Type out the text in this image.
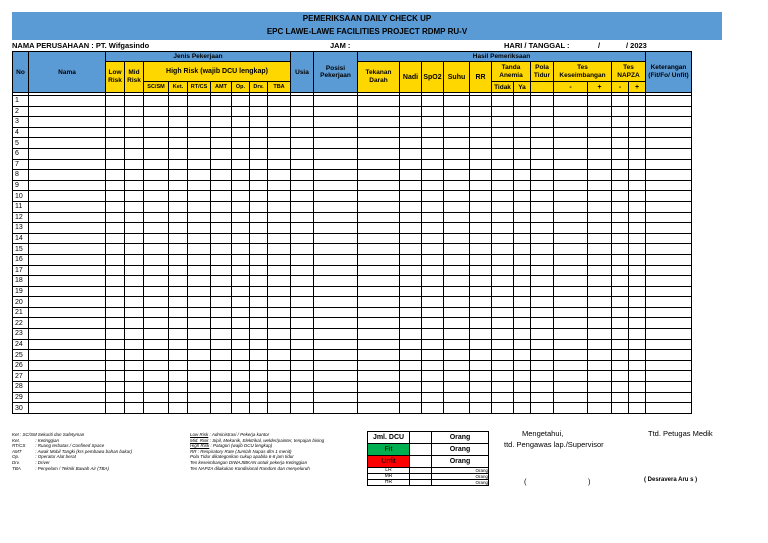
PEMERIKSAAN DAILY CHECK UP
EPC LAWE-LAWE FACILITIES PROJECT RDMP RU-V
NAMA PERUSAHAAN : PT. Wifgasindo	JAM :	HARI / TANGGAL :	/	/ 2023
No	Nama	Jenis Pekerjaan									Usia	Posisi Pekerjaan	Hasil Pemeriksaan												Keterangan (Fit/Fo/ Unfit)
		Low Risk	Mid Risk	High Risk (wajib DCU lengkap)									Tekanan Darah	Nadi	SpO2	Suhu	RR	Tanda Anemia		Pola Tidur	Tes Keseimbangan		Tes NAPZA		

				SC/SM	Ket.	RT/CS	AMT	Op.	Drv.	TBA								Tidak	Ya		-	+	-	+	

1																									
2																									
3																									
4																									
5																									
6																									
7																									
8																									
9																									
10																									
11																									
12																									
13																									
14																									
15																									
16																									
17																									
18																									
19																									
20																									
21																									
22																									
23																									
24																									
25																									
26																									
27																									
28																									
29																									
30																									
Ket : SC/SM : Sekuriti dan Safetyman
Ket.	: Ketinggian
RT/CS : Ruang terbatas / Confined Space
AMT	: Awak Mobil Tangki (krs pembawa bahan bakar)
Op.	: Operator Alat berat
Drv.	: Driver
TBA	: Penyelam / Teknik Bawah Air (TBA)
Low Risk : Administrasi / Pekerja kantor
Mid. Risk : Sipil, Mekanik, Elektrikal, welder/painter, tenpajan bising
High Risk : Patagori (wajib DCU lengkap)
RR : Respiratory Rate (Jumlah Napas dlm 1 menit)
Pola Tidur dikategorikan cukup apabila 6-8 jam tidur
Tes keseimbangan DIWAJIBKAN untuk pekerja Ketinggian
Tes NAPZA dilakukan Kondisional Random dan menyeluruh
Jml. DCU		Orang
Fit		Orang
Unfit		Orang
LR		Orang
MR		Orang
HR		Orang
Mengetahui,
ttd. Pengawas lap./Supervisor
Ttd. Petugas Medik
(	)	( Desravera Aru s )
